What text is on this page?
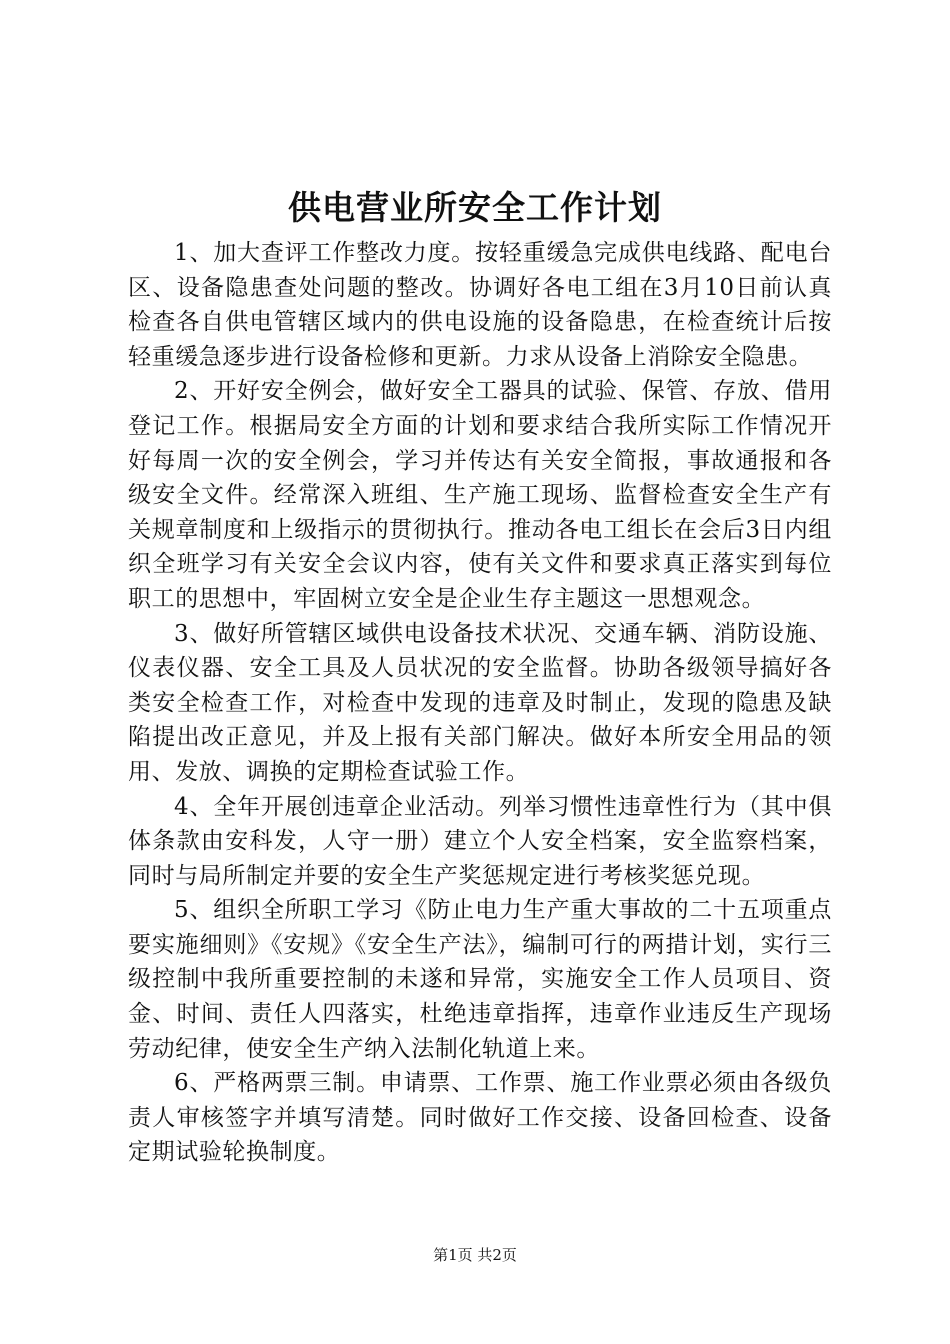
供电营业所安全工作计划

1、加大查评工作整改力度。按轻重缓急完成供电线路、配电台区、设备隐患查处问题的整改。协调好各电工组在3月10日前认真检查各自供电管辖区域内的供电设施的设备隐患，在检查统计后按轻重缓急逐步进行设备检修和更新。力求从设备上消除安全隐患。

2、开好安全例会，做好安全工器具的试验、保管、存放、借用登记工作。根据局安全方面的计划和要求结合我所实际工作情况开好每周一次的安全例会，学习并传达有关安全简报，事故通报和各级安全文件。经常深入班组、生产施工现场、监督检查安全生产有关规章制度和上级指示的贯彻执行。推动各电工组长在会后3日内组织全班学习有关安全会议内容，使有关文件和要求真正落实到每位职工的思想中，牢固树立安全是企业生存主题这一思想观念。

3、做好所管辖区域供电设备技术状况、交通车辆、消防设施、仪表仪器、安全工具及人员状况的安全监督。协助各级领导搞好各类安全检查工作，对检查中发现的违章及时制止，发现的隐患及缺陷提出改正意见，并及上报有关部门解决。做好本所安全用品的领用、发放、调换的定期检查试验工作。

4、全年开展创违章企业活动。列举习惯性违章性行为（其中俱体条款由安科发，人守一册）建立个人安全档案，安全监察档案，同时与局所制定并要的安全生产奖惩规定进行考核奖惩兑现。

5、组织全所职工学习《防止电力生产重大事故的二十五项重点要实施细则》《安规》《安全生产法》，编制可行的两措计划，实行三级控制中我所重要控制的未遂和异常，实施安全工作人员项目、资金、时间、责任人四落实，杜绝违章指挥，违章作业违反生产现场劳动纪律，使安全生产纳入法制化轨道上来。

6、严格两票三制。申请票、工作票、施工作业票必须由各级负责人审核签字并填写清楚。同时做好工作交接、设备回检查、设备定期试验轮换制度。

第1页 共2页
